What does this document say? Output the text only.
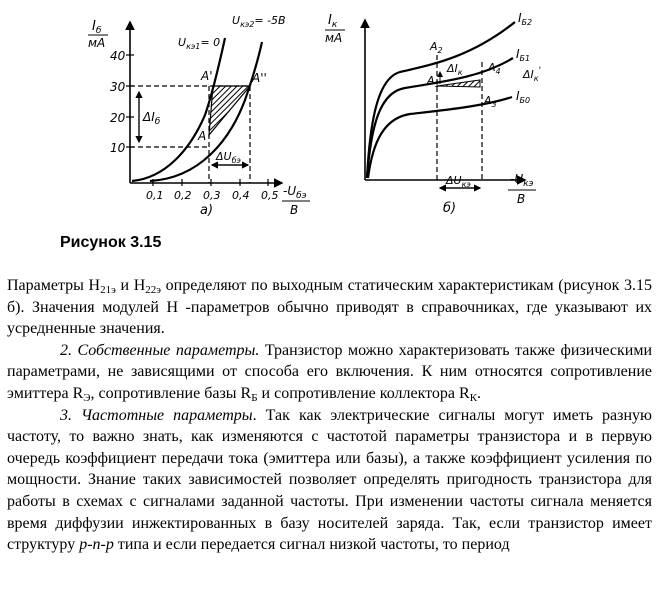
$I_б$
мА
10
20
30
40
0,1 0,2 0,3 0,4 0,5 $-U_{бэ}$
В
$U_{кэ1}= 0$
$U_{кэ2}= -5В$
A'	A''
A
$\Delta I_б$
$\Delta U_{бэ}$
а)
$I_к$
мА
$I_{Б2}$
$I_{Б1}$
$I_{Б0}$
$A_1$
$A_2$
$A_3$
$A_4$
$\Delta I_к$	$\Delta I_к'$
$\Delta U_{кэ}$	$-U_{кэ}$
В
б)
Рисунок 3.15

Параметры $H_{21э}$ и $H_{22э}$ определяют по выходным статическим характеристикам (рисунок 3.15 б). Значения модулей H -параметров обычно приводят в справочниках, где указывают их усредненные значения.

2. Собственные параметры. Транзистор можно характеризовать также физическими параметрами, не зависящими от способа его включения. К ним относятся сопротивление эмиттера $R_Э$, сопротивление базы $R_Б$ и сопротивление коллектора $R_К$.

3. Частотные параметры. Так как электрические сигналы могут иметь разную частоту, то важно знать, как изменяются с частотой параметры транзистора и в первую очередь коэффициент передачи тока (эмиттера или базы), а также коэффициент усиления по мощности. Знание таких зависимостей позволяет определять пригодность транзистора для работы в схемах с сигналами заданной частоты. При изменении частоты сигнала меняется время диффузии инжектированных в базу носителей заряда. Так, если транзистор имеет структуру p-n-p типа и если передается сигнал низкой частоты, то период
